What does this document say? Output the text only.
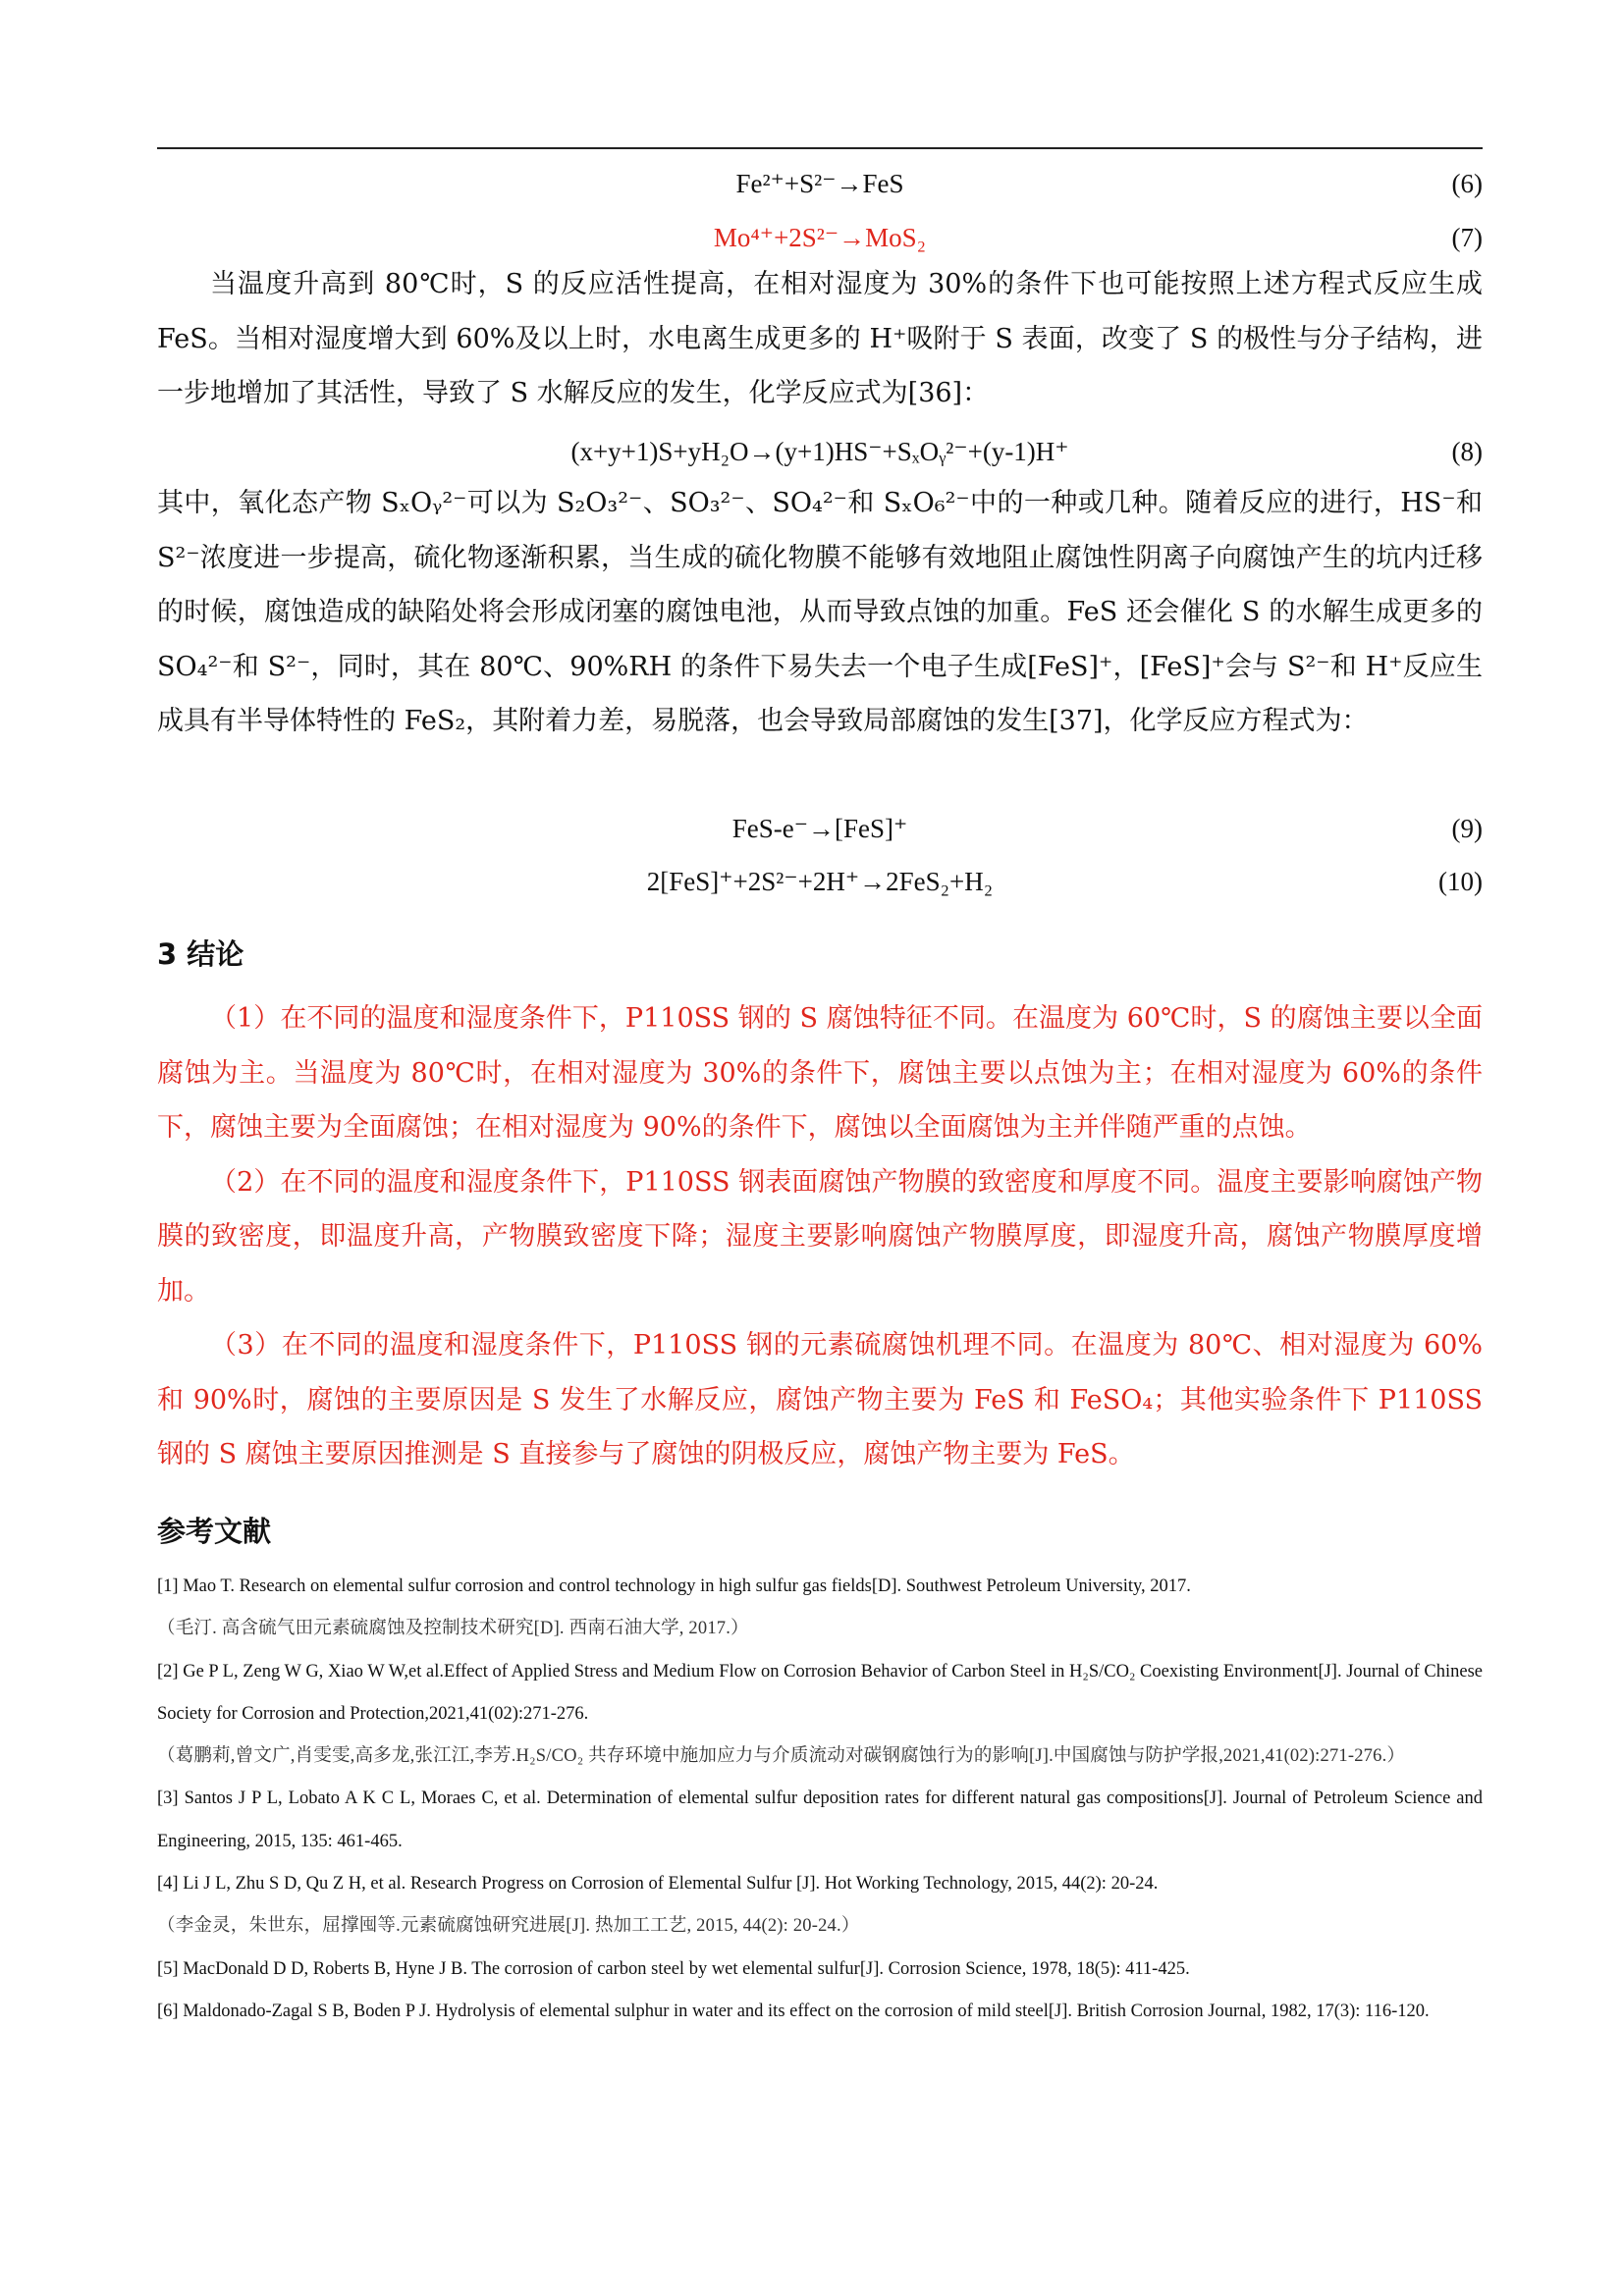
Fe²⁺+S²⁻→FeS	(6)
Mo⁴⁺+2S²⁻→MoS₂	(7)

当温度升高到 80℃时，S 的反应活性提高，在相对湿度为 30%的条件下也可能按照上述方程式反应生成 FeS。当相对湿度增大到 60%及以上时，水电离生成更多的 H⁺吸附于 S 表面，改变了 S 的极性与分子结构，进一步地增加了其活性，导致了 S 水解反应的发生，化学反应式为[36]：

(x+y+1)S+yH₂O→(y+1)HS⁻+SₓOᵧ²⁻+(y-1)H⁺	(8)

其中，氧化态产物 SₓOᵧ²⁻可以为 S₂O₃²⁻、SO₃²⁻、SO₄²⁻和 SₓO₆²⁻中的一种或几种。随着反应的进行，HS⁻和 S²⁻浓度进一步提高，硫化物逐渐积累，当生成的硫化物膜不能够有效地阻止腐蚀性阴离子向腐蚀产生的坑内迁移的时候，腐蚀造成的缺陷处将会形成闭塞的腐蚀电池，从而导致点蚀的加重。FeS 还会催化 S 的水解生成更多的 SO₄²⁻和 S²⁻，同时，其在 80℃、90%RH 的条件下易失去一个电子生成[FeS]⁺，[FeS]⁺会与 S²⁻和 H⁺反应生成具有半导体特性的 FeS₂，其附着力差，易脱落，也会导致局部腐蚀的发生[37]，化学反应方程式为：

FeS-e⁻→[FeS]⁺	(9)
2[FeS]⁺+2S²⁻+2H⁺→2FeS₂+H₂	(10)
3 结论

（1）在不同的温度和湿度条件下，P110SS 钢的 S 腐蚀特征不同。在温度为 60℃时，S 的腐蚀主要以全面腐蚀为主。当温度为 80℃时，在相对湿度为 30%的条件下，腐蚀主要以点蚀为主；在相对湿度为 60%的条件下，腐蚀主要为全面腐蚀；在相对湿度为 90%的条件下，腐蚀以全面腐蚀为主并伴随严重的点蚀。

（2）在不同的温度和湿度条件下，P110SS 钢表面腐蚀产物膜的致密度和厚度不同。温度主要影响腐蚀产物膜的致密度，即温度升高，产物膜致密度下降；湿度主要影响腐蚀产物膜厚度，即湿度升高，腐蚀产物膜厚度增加。

（3）在不同的温度和湿度条件下，P110SS 钢的元素硫腐蚀机理不同。在温度为 80℃、相对湿度为 60%和 90%时，腐蚀的主要原因是 S 发生了水解反应，腐蚀产物主要为 FeS 和 FeSO₄；其他实验条件下 P110SS 钢的 S 腐蚀主要原因推测是 S 直接参与了腐蚀的阴极反应，腐蚀产物主要为 FeS。

参考文献
[1] Mao T. Research on elemental sulfur corrosion and control technology in high sulfur gas fields[D]. Southwest Petroleum University, 2017.
（毛汀. 高含硫气田元素硫腐蚀及控制技术研究[D]. 西南石油大学, 2017.）
[2] Ge P L, Zeng W G, Xiao W W,et al.Effect of Applied Stress and Medium Flow on Corrosion Behavior of Carbon Steel in H₂S/CO₂ Coexisting Environment[J]. Journal of Chinese Society for Corrosion and Protection,2021,41(02):271-276.
（葛鹏莉,曾文广,肖雯雯,高多龙,张江江,李芳.H₂S/CO₂ 共存环境中施加应力与介质流动对碳钢腐蚀行为的影响[J].中国腐蚀与防护学报,2021,41(02):271-276.）
[3] Santos J P L, Lobato A K C L, Moraes C, et al. Determination of elemental sulfur deposition rates for different natural gas compositions[J]. Journal of Petroleum Science and Engineering, 2015, 135: 461-465.
[4] Li J L, Zhu S D, Qu Z H, et al. Research Progress on Corrosion of Elemental Sulfur [J]. Hot Working Technology, 2015, 44(2): 20-24.
（李金灵，朱世东，屈撑囤等.元素硫腐蚀研究进展[J]. 热加工工艺, 2015, 44(2): 20-24.）
[5] MacDonald D D, Roberts B, Hyne J B. The corrosion of carbon steel by wet elemental sulfur[J]. Corrosion Science, 1978, 18(5): 411-425.
[6] Maldonado-Zagal S B, Boden P J. Hydrolysis of elemental sulphur in water and its effect on the corrosion of mild steel[J]. British Corrosion Journal, 1982, 17(3): 116-120.
